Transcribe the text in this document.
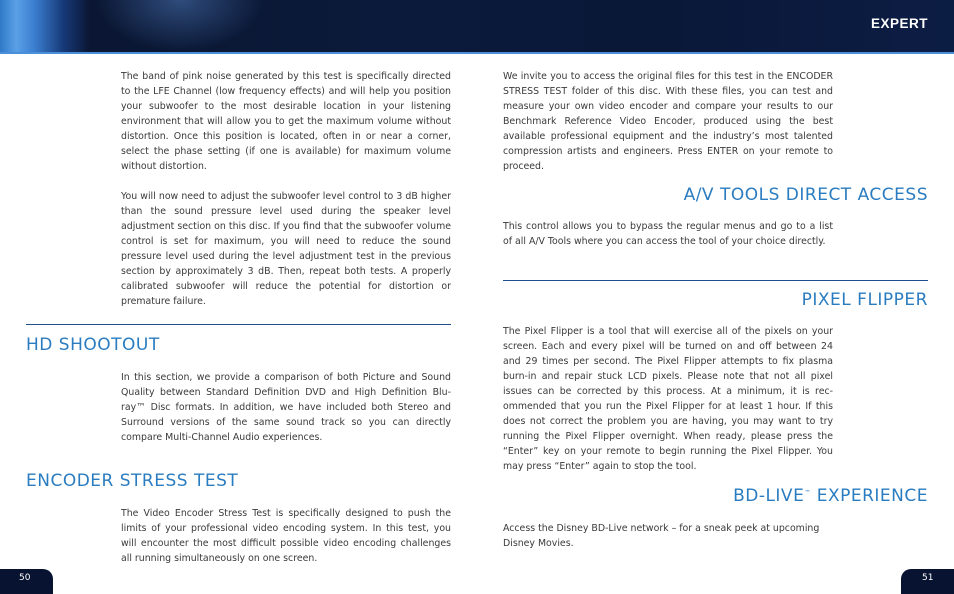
EXPERT

The band of pink noise generated by this test is specifically directed to the LFE Channel (low frequency effects) and will help you position your subwoofer to the most desirable location in your listening environment that will allow you to get the maximum volume without distortion. Once this position is located, often in or near a corner, select the phase setting (if one is available) for maximum volume without distortion.

You will now need to adjust the subwoofer level control to 3 dB higher than the sound pressure level used during the speaker level adjustment section on this disc. If you find that the subwoofer volume control is set for maximum, you will need to reduce the sound pressure level used during the level adjustment test in the previous section by approximately 3 dB. Then, repeat both tests. A properly calibrated subwoofer will reduce the potential for distortion or premature failure.

HD SHOOTOUT

In this section, we provide a comparison of both Picture and Sound Quality between Standard Definition DVD and High Definition Blu-ray™ Disc formats. In addition, we have included both Stereo and Surround versions of the same sound track so you can directly compare Multi-Channel Audio experiences.

ENCODER STRESS TEST

The Video Encoder Stress Test is specifically designed to push the limits of your professional video encoding system. In this test, you will encounter the most difficult possible video encoding challenges all running simultaneously on one screen.

50

We invite you to access the original files for this test in the ENCODER STRESS TEST folder of this disc. With these files, you can test and measure your own video encoder and compare your results to our Benchmark Reference Video Encoder, produced using the best available professional equipment and the industry’s most talented compression artists and engineers. Press ENTER on your remote to proceed.

A/V TOOLS DIRECT ACCESS

This control allows you to bypass the regular menus and go to a list of all A/V Tools where you can access the tool of your choice directly.

PIXEL FLIPPER

The Pixel Flipper is a tool that will exercise all of the pixels on your screen. Each and every pixel will be turned on and off between 24 and 29 times per second. The Pixel Flipper attempts to fix plasma burn-in and repair stuck LCD pixels. Please note that not all pixel issues can be corrected by this process. At a minimum, it is rec-ommended that you run the Pixel Flipper for at least 1 hour. If this does not correct the problem you are having, you may want to try running the Pixel Flipper overnight. When ready, please press the “Enter” key on your remote to begin running the Pixel Flipper. You may press “Enter” again to stop the tool.

BD-LIVE™ EXPERIENCE

Access the Disney BD-Live network – for a sneak peek at upcoming Disney Movies.

51
